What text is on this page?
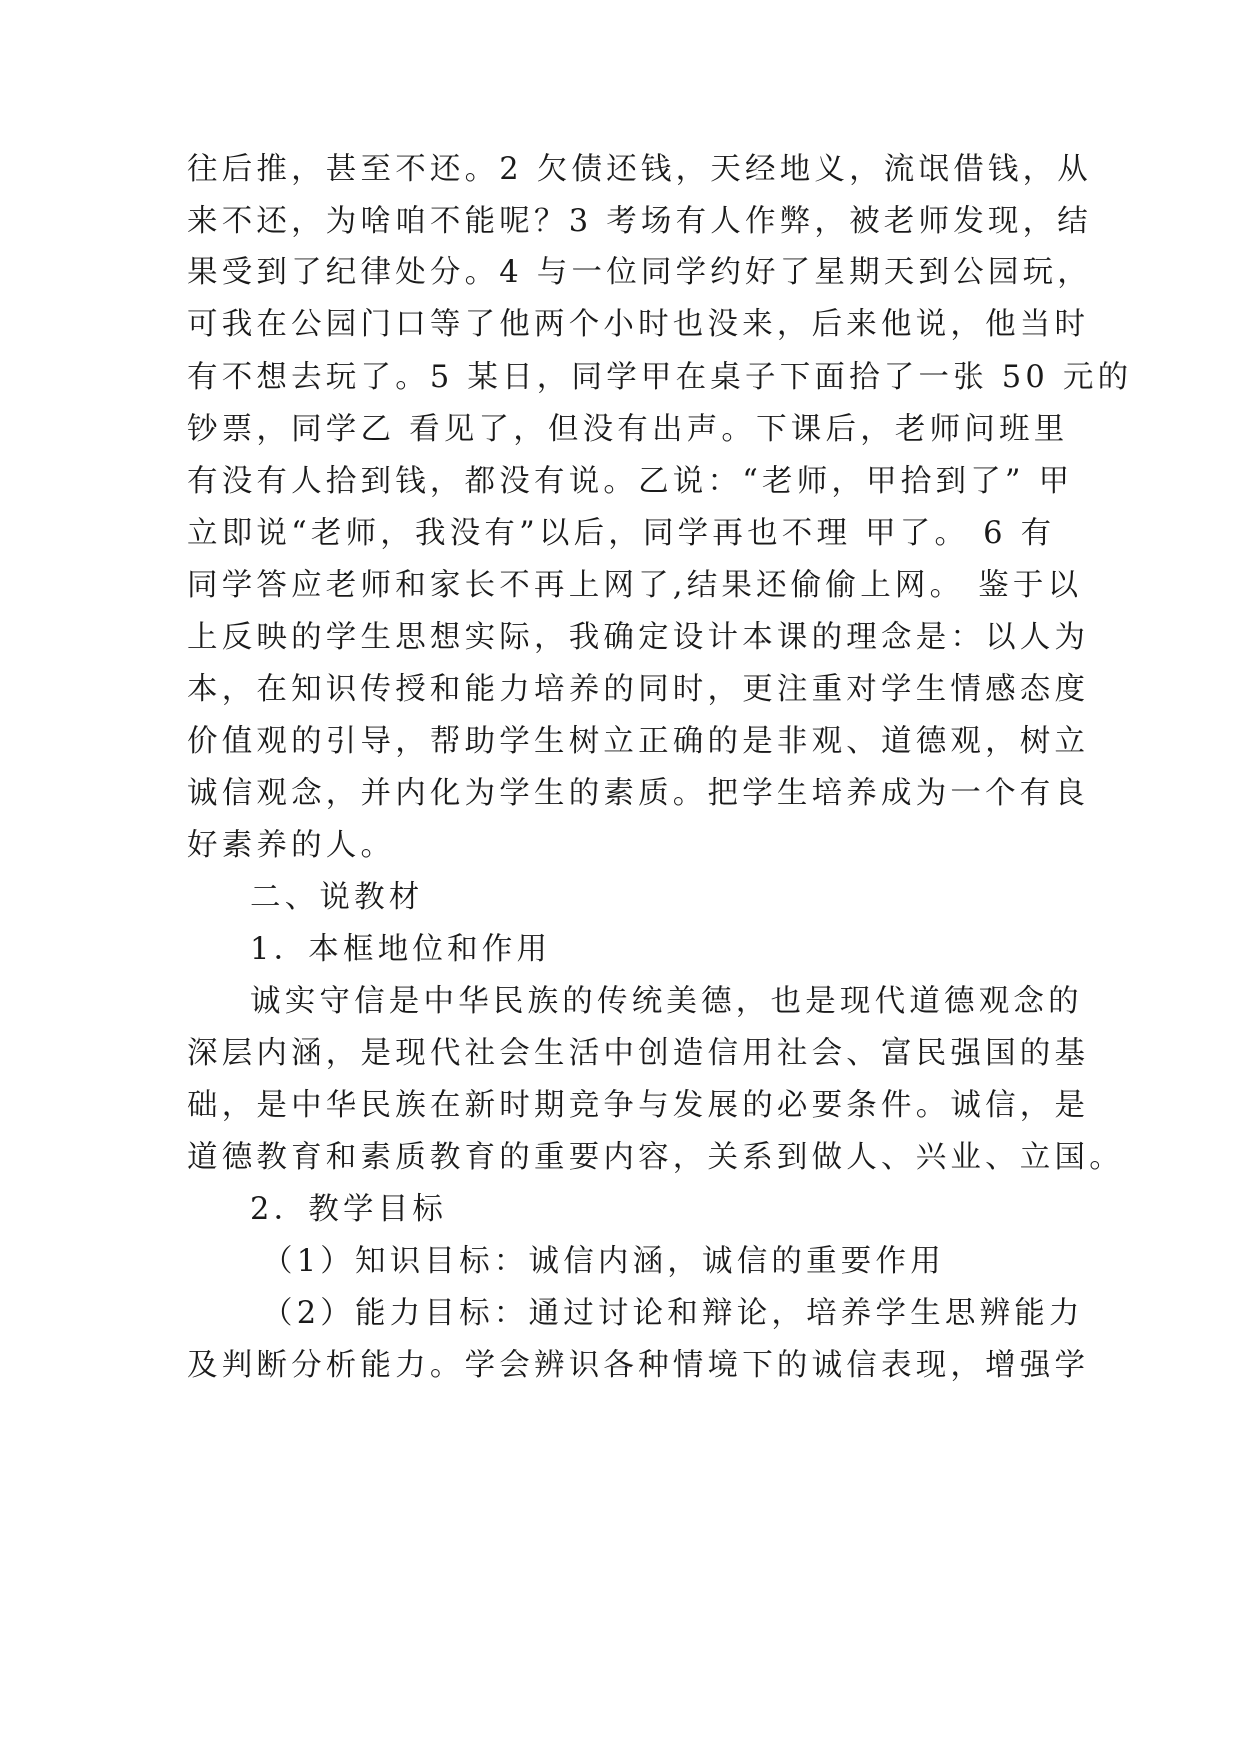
往后推，甚至不还。2 欠债还钱，天经地义，流氓借钱，从
来不还，为啥咱不能呢？3 考场有人作弊，被老师发现，结
果受到了纪律处分。4 与一位同学约好了星期天到公园玩，
可我在公园门口等了他两个小时也没来，后来他说，他当时
有不想去玩了。5 某日，同学甲在桌子下面拾了一张 50 元的
钞票，同学乙 看见了，但没有出声。下课后，老师问班里
有没有人拾到钱，都没有说。乙说：“老师，甲拾到了” 甲
立即说“老师，我没有”以后，同学再也不理 甲了。 6 有
同学答应老师和家长不再上网了,结果还偷偷上网。 鉴于以
上反映的学生思想实际，我确定设计本课的理念是：以人为
本，在知识传授和能力培养的同时，更注重对学生情感态度
价值观的引导，帮助学生树立正确的是非观、道德观，树立
诚信观念，并内化为学生的素质。把学生培养成为一个有良
好素养的人。
二、说教材
1．本框地位和作用
诚实守信是中华民族的传统美德，也是现代道德观念的
深层内涵，是现代社会生活中创造信用社会、富民强国的基
础，是中华民族在新时期竞争与发展的必要条件。诚信，是
道德教育和素质教育的重要内容，关系到做人、兴业、立国。
2．教学目标
（1）知识目标：诚信内涵，诚信的重要作用
（2）能力目标：通过讨论和辩论，培养学生思辨能力
及判断分析能力。学会辨识各种情境下的诚信表现，增强学
